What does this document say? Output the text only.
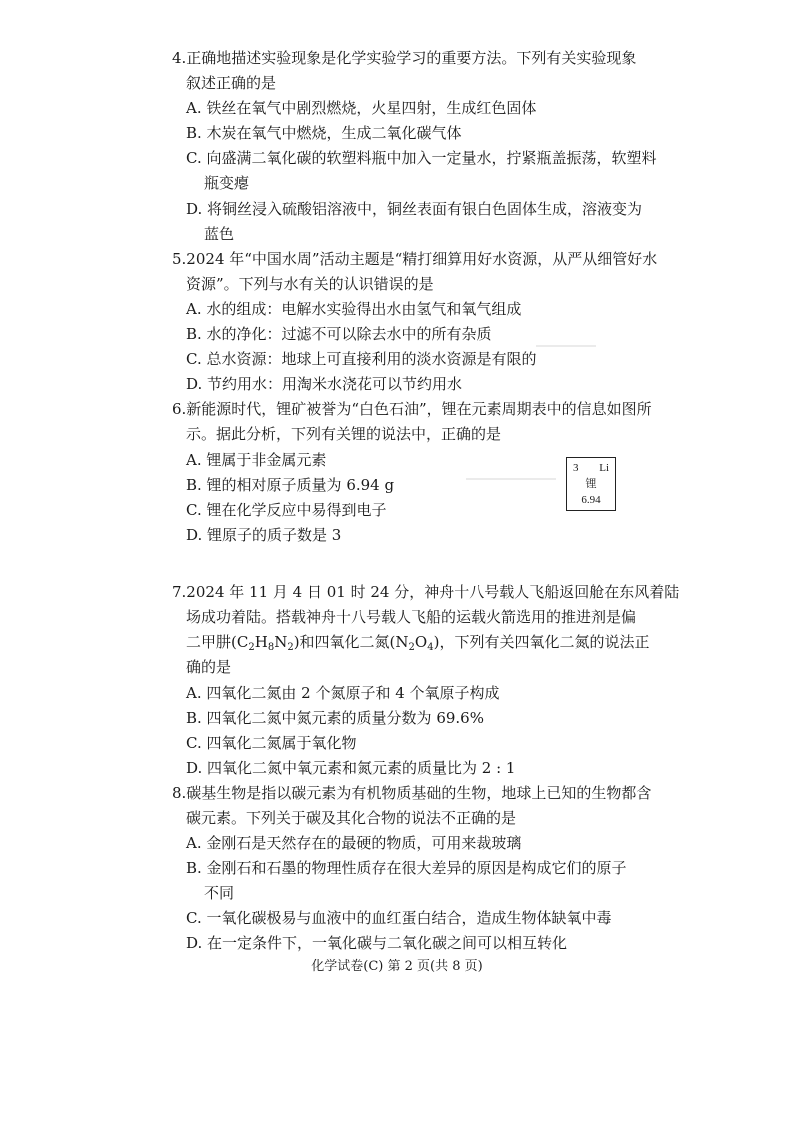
4.正确地描述实验现象是化学实验学习的重要方法。下列有关实验现象
叙述正确的是
A. 铁丝在氧气中剧烈燃烧，火星四射，生成红色固体
B. 木炭在氧气中燃烧，生成二氧化碳气体
C. 向盛满二氧化碳的软塑料瓶中加入一定量水，拧紧瓶盖振荡，软塑料
瓶变瘪
D. 将铜丝浸入硫酸铝溶液中，铜丝表面有银白色固体生成，溶液变为
蓝色
5.2024 年“中国水周”活动主题是“精打细算用好水资源，从严从细管好水
资源”。下列与水有关的认识错误的是
A. 水的组成：电解水实验得出水由氢气和氧气组成
B. 水的净化：过滤不可以除去水中的所有杂质
C. 总水资源：地球上可直接利用的淡水资源是有限的
D. 节约用水：用淘米水浇花可以节约用水
6.新能源时代，锂矿被誉为“白色石油”，锂在元素周期表中的信息如图所
示。据此分析，下列有关锂的说法中，正确的是
A. 锂属于非金属元素
B. 锂的相对原子质量为 6.94 g
C. 锂在化学反应中易得到电子
D. 锂原子的质子数是 3
3 Li
锂
6.94
7.2024 年 11 月 4 日 01 时 24 分，神舟十八号载人飞船返回舱在东风着陆
场成功着陆。搭载神舟十八号载人飞船的运载火箭选用的推进剂是偏
二甲肼$(C_2H_8N_2)$和四氧化二氮$(N_2O_4)$，下列有关四氧化二氮的说法正
确的是
A. 四氧化二氮由 2 个氮原子和 4 个氧原子构成
B. 四氧化二氮中氮元素的质量分数为 69.6%
C. 四氧化二氮属于氧化物
D. 四氧化二氮中氧元素和氮元素的质量比为 2 : 1
8.碳基生物是指以碳元素为有机物质基础的生物，地球上已知的生物都含
碳元素。下列关于碳及其化合物的说法不正确的是
A. 金刚石是天然存在的最硬的物质，可用来裁玻璃
B. 金刚石和石墨的物理性质存在很大差异的原因是构成它们的原子
不同
C. 一氧化碳极易与血液中的血红蛋白结合，造成生物体缺氧中毒
D. 在一定条件下，一氧化碳与二氧化碳之间可以相互转化
化学试卷(C) 第 2 页(共 8 页)
